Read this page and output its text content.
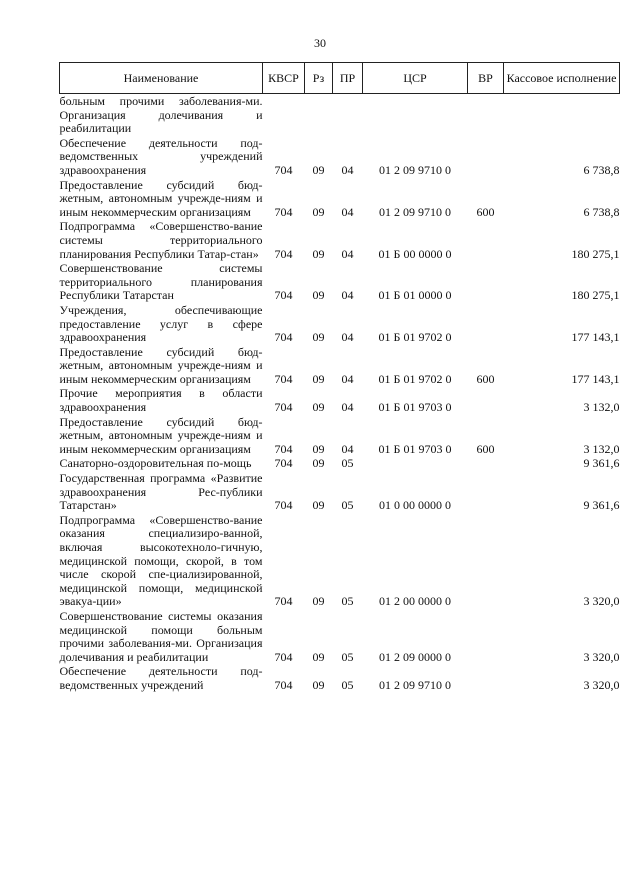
30
Наименование	КВСР	Рз	ПР	ЦСР	ВР	Кассовое исполнение
больным прочими заболевания-ми. Организация долечивания и реабилитации						
Обеспечение деятельности под-ведомственных учреждений здравоохранения	704	09	04	01 2 09 9710 0		6 738,8
Предоставление субсидий бюд-жетным, автономным учрежде-ниям и иным некоммерческим организациям	704	09	04	01 2 09 9710 0	600	6 738,8
Подпрограмма «Совершенство-вание системы территориального планирования Республики Татар-стан»	704	09	04	01 Б 00 0000 0		180 275,1
Совершенствование системы территориального планирования Республики Татарстан	704	09	04	01 Б 01 0000 0		180 275,1
Учреждения, обеспечивающие предоставление услуг в сфере здравоохранения	704	09	04	01 Б 01 9702 0		177 143,1
Предоставление субсидий бюд-жетным, автономным учрежде-ниям и иным некоммерческим организациям	704	09	04	01 Б 01 9702 0	600	177 143,1
Прочие мероприятия в области здравоохранения	704	09	04	01 Б 01 9703 0		3 132,0
Предоставление субсидий бюд-жетным, автономным учрежде-ниям и иным некоммерческим организациям	704	09	04	01 Б 01 9703 0	600	3 132,0
Санаторно-оздоровительная по-мощь	704	09	05			9 361,6
Государственная программа «Развитие здравоохранения Рес-публики Татарстан»	704	09	05	01 0 00 0000 0		9 361,6
Подпрограмма «Совершенство-вание оказания специализиро-ванной, включая высокотехноло-гичную, медицинской помощи, скорой, в том числе скорой спе-циализированной, медицинской помощи, медицинской эвакуа-ции»	704	09	05	01 2 00 0000 0		3 320,0
Совершенствование системы оказания медицинской помощи больным прочими заболевания-ми. Организация долечивания и реабилитации	704	09	05	01 2 09 0000 0		3 320,0
Обеспечение деятельности под-ведомственных учреждений	704	09	05	01 2 09 9710 0		3 320,0
